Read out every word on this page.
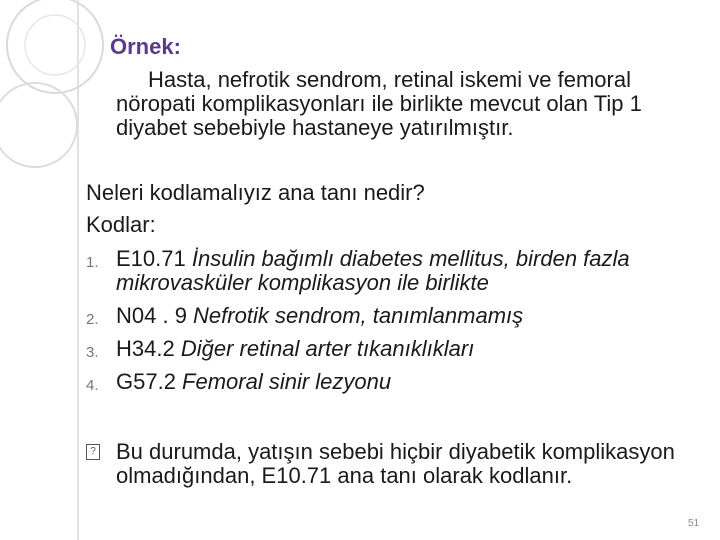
Örnek:
Hasta, nefrotik sendrom, retinal iskemi ve femoral nöropati komplikasyonları ile birlikte mevcut olan Tip 1 diyabet sebebiyle hastaneye yatırılmıştır.
Neleri kodlamalıyız ana tanı nedir?
Kodlar:
1. E10.71 İnsulin bağımlı diabetes mellitus, birden fazla mikrovasküler komplikasyon ile birlikte
2. N04 . 9 Nefrotik sendrom, tanımlanmamış
3. H34.2 Diğer retinal arter tıkanıklıkları
4. G57.2 Femoral sinir lezyonu
? Bu durumda, yatışın sebebi hiçbir diyabetik komplikasyon olmadığından, E10.71 ana tanı olarak kodlanır.
51
